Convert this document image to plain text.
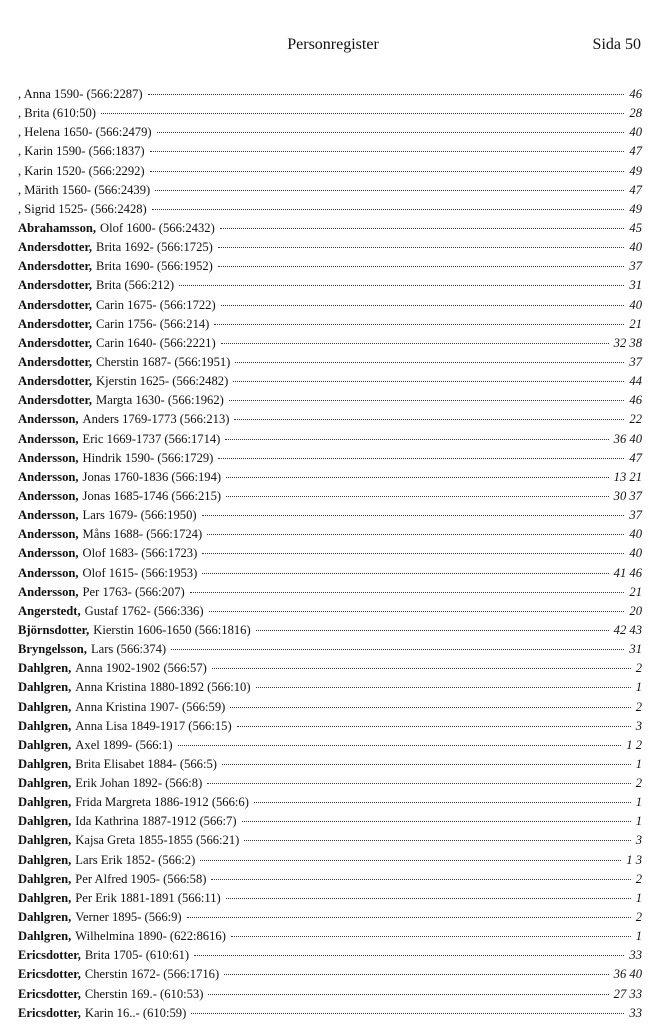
Personregister	Sida 50
, Anna 1590- (566:2287)	46
, Brita (610:50)	28
, Helena 1650- (566:2479)	40
, Karin 1590- (566:1837)	47
, Karin 1520- (566:2292)	49
, Märith 1560- (566:2439)	47
, Sigrid 1525- (566:2428)	49
Abrahamsson, Olof 1600- (566:2432)	45
Andersdotter, Brita 1692- (566:1725)	40
Andersdotter, Brita 1690- (566:1952)	37
Andersdotter, Brita (566:212)	31
Andersdotter, Carin 1675- (566:1722)	40
Andersdotter, Carin 1756- (566:214)	21
Andersdotter, Carin 1640- (566:2221)	32 38
Andersdotter, Cherstin 1687- (566:1951)	37
Andersdotter, Kjerstin 1625- (566:2482)	44
Andersdotter, Margta 1630- (566:1962)	46
Andersson, Anders 1769-1773 (566:213)	22
Andersson, Eric 1669-1737 (566:1714)	36 40
Andersson, Hindrik 1590- (566:1729)	47
Andersson, Jonas 1760-1836 (566:194)	13 21
Andersson, Jonas 1685-1746 (566:215)	30 37
Andersson, Lars 1679- (566:1950)	37
Andersson, Måns 1688- (566:1724)	40
Andersson, Olof 1683- (566:1723)	40
Andersson, Olof 1615- (566:1953)	41 46
Andersson, Per 1763- (566:207)	21
Angerstedt, Gustaf 1762- (566:336)	20
Björnsdotter, Kierstin 1606-1650 (566:1816)	42 43
Bryngelsson, Lars (566:374)	31
Dahlgren, Anna 1902-1902 (566:57)	2
Dahlgren, Anna Kristina 1880-1892 (566:10)	1
Dahlgren, Anna Kristina 1907- (566:59)	2
Dahlgren, Anna Lisa 1849-1917 (566:15)	3
Dahlgren, Axel 1899- (566:1)	1 2
Dahlgren, Brita Elisabet 1884- (566:5)	1
Dahlgren, Erik Johan 1892- (566:8)	2
Dahlgren, Frida Margreta 1886-1912 (566:6)	1
Dahlgren, Ida Kathrina 1887-1912 (566:7)	1
Dahlgren, Kajsa Greta 1855-1855 (566:21)	3
Dahlgren, Lars Erik 1852- (566:2)	1 3
Dahlgren, Per Alfred 1905- (566:58)	2
Dahlgren, Per Erik 1881-1891 (566:11)	1
Dahlgren, Verner 1895- (566:9)	2
Dahlgren, Wilhelmina 1890- (622:8616)	1
Ericsdotter, Brita 1705- (610:61)	33
Ericsdotter, Cherstin 1672- (566:1716)	36 40
Ericsdotter, Cherstin 169.- (610:53)	27 33
Ericsdotter, Karin 16..- (610:59)	33
